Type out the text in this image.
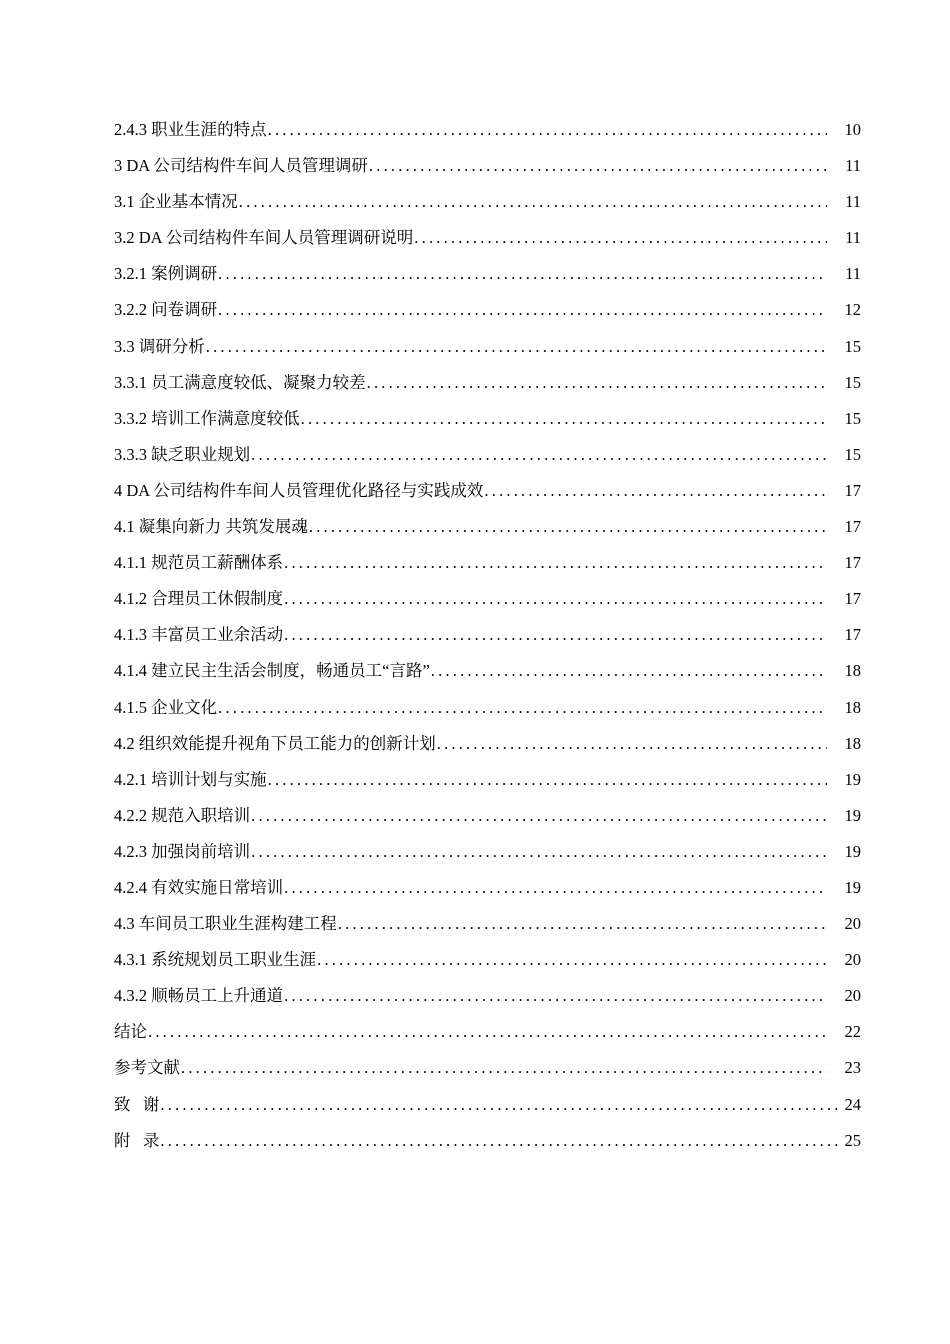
2.4.3 职业生涯的特点 .....	10
3 DA 公司结构件车间人员管理调研 .....	11
3.1 企业基本情况 .....	11
3.2 DA 公司结构件车间人员管理调研说明 .....	11
3.2.1 案例调研 .....	11
3.2.2 问卷调研 .....	12
3.3 调研分析 .....	15
3.3.1 员工满意度较低、凝聚力较差 .....	15
3.3.2 培训工作满意度较低 .....	15
3.3.3 缺乏职业规划 .....	15
4 DA 公司结构件车间人员管理优化路径与实践成效 .....	17
4.1 凝集向新力 共筑发展魂 .....	17
4.1.1 规范员工薪酬体系 .....	17
4.1.2 合理员工休假制度 .....	17
4.1.3 丰富员工业余活动 .....	17
4.1.4 建立民主生活会制度，畅通员工“言路” .....	18
4.1.5 企业文化 .....	18
4.2 组织效能提升视角下员工能力的创新计划 .....	18
4.2.1 培训计划与实施 .....	19
4.2.2 规范入职培训 .....	19
4.2.3 加强岗前培训 .....	19
4.2.4 有效实施日常培训 .....	19
4.3 车间员工职业生涯构建工程 .....	20
4.3.1 系统规划员工职业生涯 .....	20
4.3.2 顺畅员工上升通道 .....	20
结论 .....	22
参考文献 .....	23
致   谢 .....	24
附   录 .....	25
